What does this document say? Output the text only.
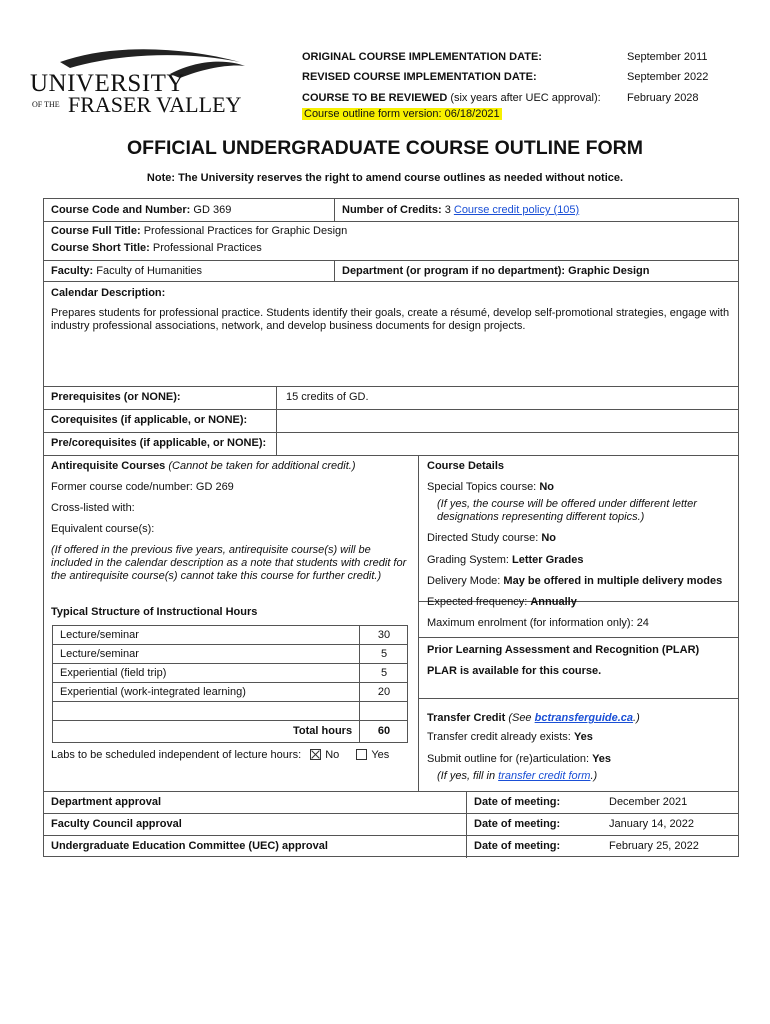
UNIVERSITY
OF THE FRASER VALLEY
ORIGINAL COURSE IMPLEMENTATION DATE:	September 2011
REVISED COURSE IMPLEMENTATION DATE:	September 2022
COURSE TO BE REVIEWED (six years after UEC approval): February 2028
Course outline form version: 06/18/2021
OFFICIAL UNDERGRADUATE COURSE OUTLINE FORM
Note: The University reserves the right to amend course outlines as needed without notice.
Course Code and Number: GD 369	Number of Credits: 3 Course credit policy (105)
Course Full Title: Professional Practices for Graphic Design
Course Short Title: Professional Practices
Faculty: Faculty of Humanities	Department (or program if no department): Graphic Design
Calendar Description:
Prepares students for professional practice. Students identify their goals, create a résumé, develop self-promotional strategies, engage with industry professional associations, network, and develop business documents for design projects.
Prerequisites (or NONE):	15 credits of GD.
Corequisites (if applicable, or NONE):
Pre/corequisites (if applicable, or NONE):
Antirequisite Courses (Cannot be taken for additional credit.)
Former course code/number: GD 269
Cross-listed with:
Equivalent course(s):
(If offered in the previous five years, antirequisite course(s) will be included in the calendar description as a note that students with credit for the antirequisite course(s) cannot take this course for further credit.)
Typical Structure of Instructional Hours
Lecture/seminar	30
Lecture/seminar	5
Experiential (field trip)	5
Experiential (work-integrated learning)	20
Total hours	60
Labs to be scheduled independent of lecture hours: No	Yes
Course Details
Special Topics course: No
(If yes, the course will be offered under different letter designations representing different topics.)
Directed Study course: No
Grading System: Letter Grades
Delivery Mode: May be offered in multiple delivery modes
Expected frequency: Annually
Maximum enrolment (for information only): 24
Prior Learning Assessment and Recognition (PLAR)
PLAR is available for this course.
Transfer Credit (See bctransferguide.ca.)
Transfer credit already exists: Yes
Submit outline for (re)articulation: Yes
(If yes, fill in transfer credit form.)
Department approval	Date of meeting:	December 2021
Faculty Council approval	Date of meeting:	January 14, 2022
Undergraduate Education Committee (UEC) approval	Date of meeting:	February 25, 2022
